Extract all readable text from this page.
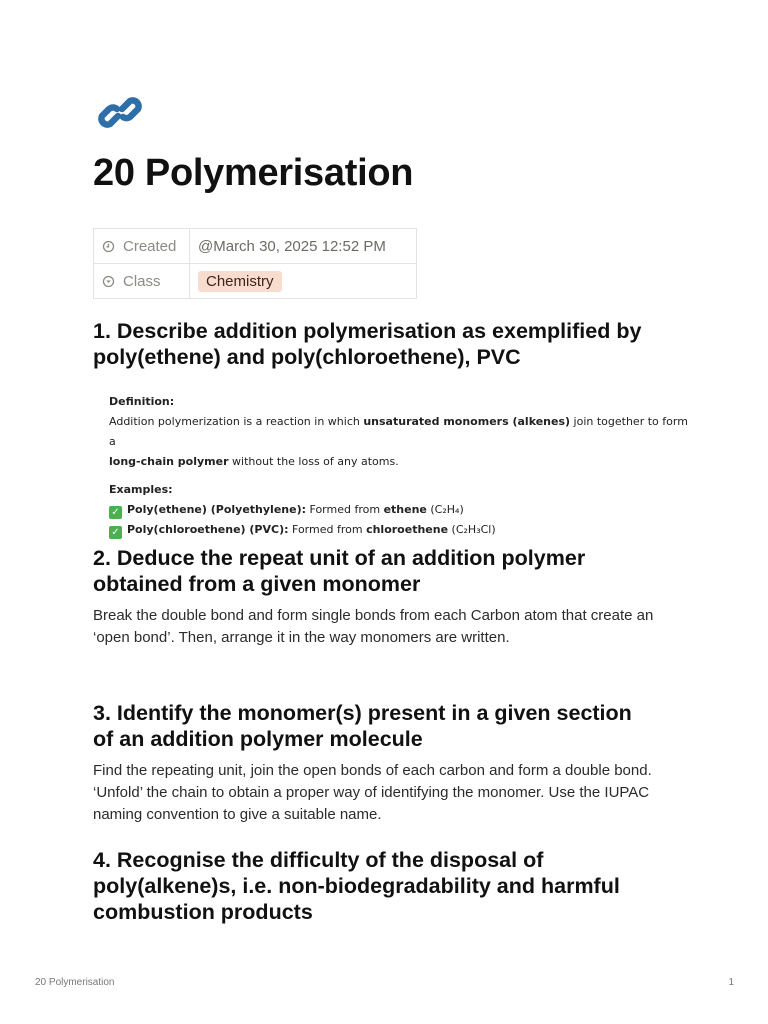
20 Polymerisation
Created	@March 30, 2025 12:52 PM

Class	Chemistry
1. Describe addition polymerisation as exemplified by
poly(ethene) and poly(chloroethene), PVC
Definition:
Addition polymerization is a reaction in which unsaturated monomers (alkenes) join together to form a
long-chain polymer without the loss of any atoms.
Examples:
✓ Poly(ethene) (Polyethylene): Formed from ethene (C₂H₄)
✓ Poly(chloroethene) (PVC): Formed from chloroethene (C₂H₃Cl)
2. Deduce the repeat unit of an addition polymer
obtained from a given monomer

Break the double bond and form single bonds from each Carbon atom that create an ‘open bond’. Then, arrange it in the way monomers are written.

3. Identify the monomer(s) present in a given section
of an addition polymer molecule

Find the repeating unit, join the open bonds of each carbon and form a double bond. ‘Unfold’ the chain to obtain a proper way of identifying the monomer. Use the IUPAC naming convention to give a suitable name.

4. Recognise the difficulty of the disposal of
poly(alkene)s, i.e. non-biodegradability and harmful
combustion products
20 Polymerisation	1
